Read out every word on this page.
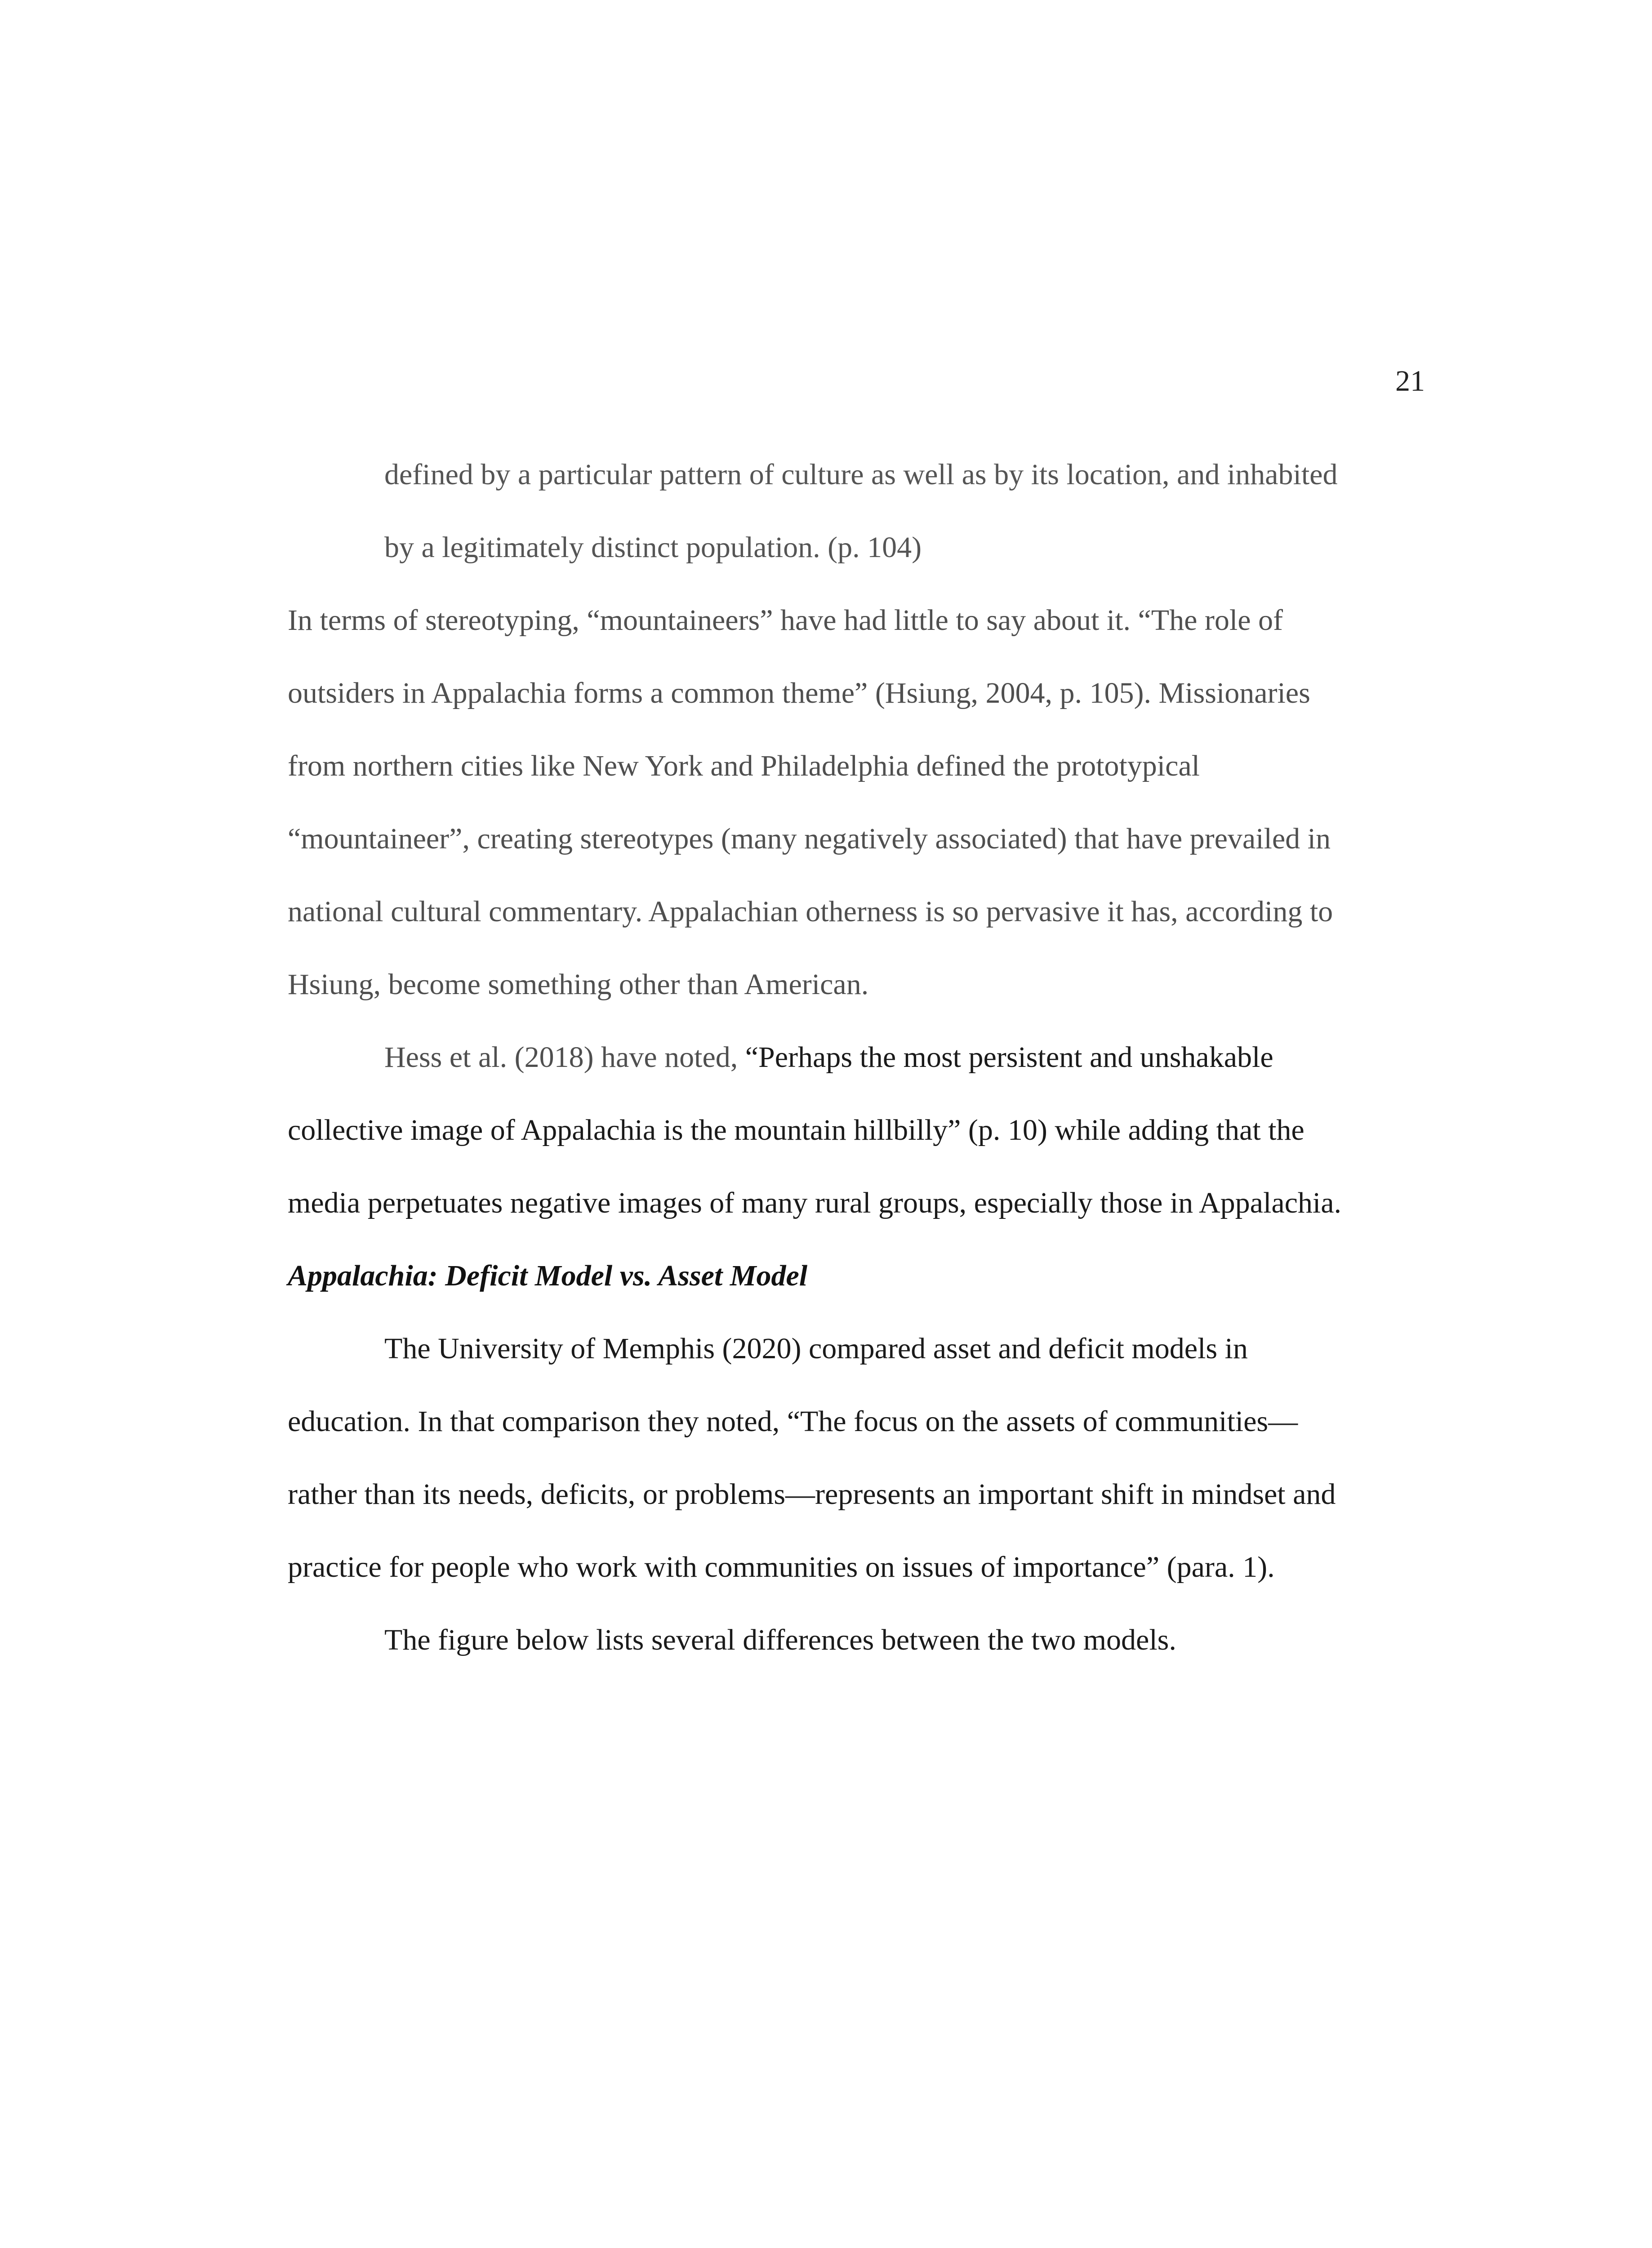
21
defined by a particular pattern of culture as well as by its location, and inhabited
by a legitimately distinct population. (p. 104)
In terms of stereotyping, “mountaineers” have had little to say about it. “The role of
outsiders in Appalachia forms a common theme” (Hsiung, 2004, p. 105). Missionaries
from northern cities like New York and Philadelphia defined the prototypical
“mountaineer”, creating stereotypes (many negatively associated) that have prevailed in
national cultural commentary. Appalachian otherness is so pervasive it has, according to
Hsiung, become something other than American.
Hess et al. (2018) have noted, “Perhaps the most persistent and unshakable
collective image of Appalachia is the mountain hillbilly” (p. 10) while adding that the
media perpetuates negative images of many rural groups, especially those in Appalachia.
Appalachia: Deficit Model vs. Asset Model
The University of Memphis (2020) compared asset and deficit models in
education. In that comparison they noted, “The focus on the assets of communities—
rather than its needs, deficits, or problems—represents an important shift in mindset and
practice for people who work with communities on issues of importance” (para. 1).
The figure below lists several differences between the two models.
